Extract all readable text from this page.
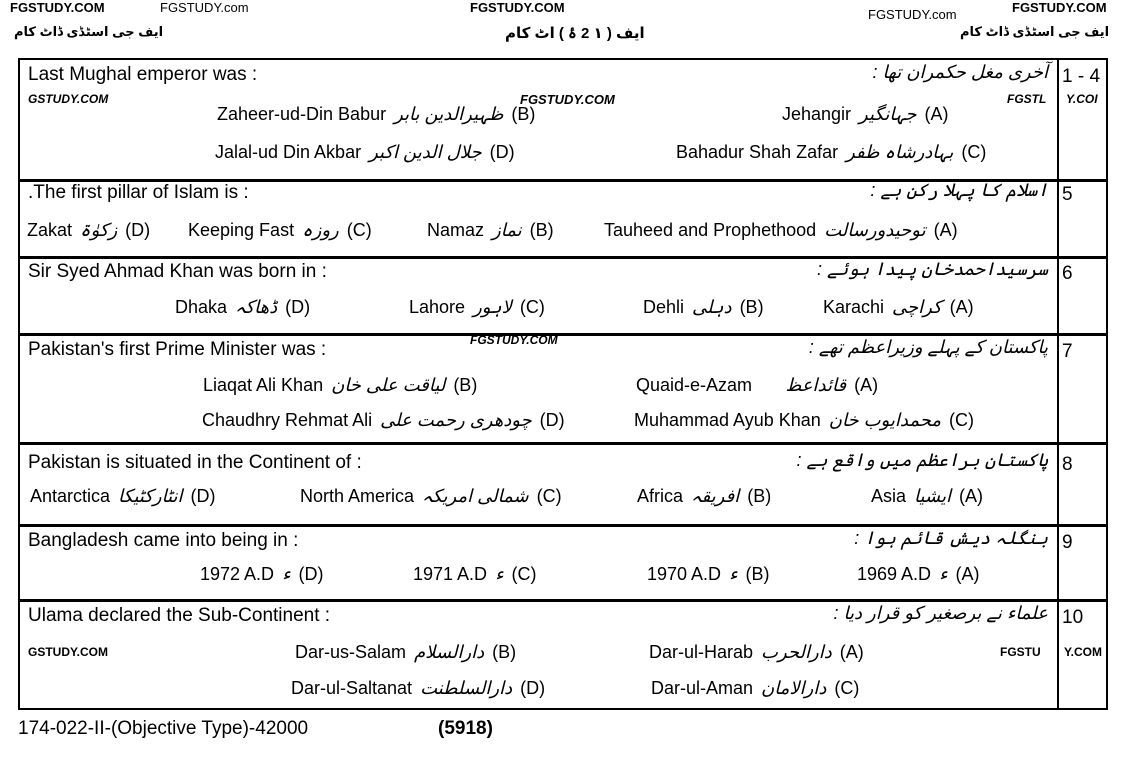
FGSTUDY.COM	FGSTUDY.com	FGSTUDY.COM	FGSTUDY.com	FGSTUDY.COM
ایف جی اسٹڈی ڈاٹ کام	ایف ( ۱ 2 ۂ ) اٹ کام	ایف جی اسٹڈی ڈاٹ کام
Last Mughal emperor was :	آخری مغل حکمران تھا : 1 - 4
Zaheer-ud-Din Babur ظہیرالدین بابر (B)	Jehangir جہانگیر (A)
Jalal-ud Din Akbar جلال الدین اکبر (D)	Bahadur Shah Zafar بہادرشاہ ظفر (C)
.The first pillar of Islam is :	اسلام کا پہلا رکن ہے : 5
Zakat زکوٰۃ (D) Keeping Fast روزہ (C)	Namaz نماز (B)	Tauheed and Prophethood توحیدورسالت (A)
Sir Syed Ahmad Khan was born in :	سرسیداحمدخان پیدا ہوئے : 6
Dhaka ڈھاکہ (D)	Lahore لاہور (C)	Dehli دہلی (B)	Karachi کراچی (A)
Pakistan's first Prime Minister was :	پاکستان کے پہلے وزیراعظم تھے : 7
Liaqat Ali Khan لیاقت علی خان (B)	Quaid-e-Azam قائداعظمؒ (A)
Chaudhry Rehmat Ali چودھری رحمت علی (D)	Muhammad Ayub Khan محمدایوب خان (C)
Pakistan is situated in the Continent of :	پاکستان براعظم میں واقع ہے : 8
Antarctica انٹارکٹیکا (D)	North America شمالی امریکہ (C)	Africa افریقہ (B)	Asia ایشیا (A)
Bangladesh came into being in :	بنگلہ دیش قائم ہوا : 9
1972 A.D ء (D)	1971 A.D ء (C)	1970 A.D ء (B)	1969 A.D ء (A)
Ulama declared the Sub-Continent :	علماء نے برصغیر کو قرار دیا : 10
Dar-us-Salam دارالسلام (B)	Dar-ul-Harab دارالحرب (A)
Dar-ul-Saltanat دارالسلطنت (D)	Dar-ul-Aman دارالامان (C)
GSTUDY.COM	FGSTUDY.COM	FGSTL Y.COI
FGSTUDY.COM
GSTUDY.COM	FGSTU Y.COM
174-022-II-(Objective Type)-42000	(5918)
